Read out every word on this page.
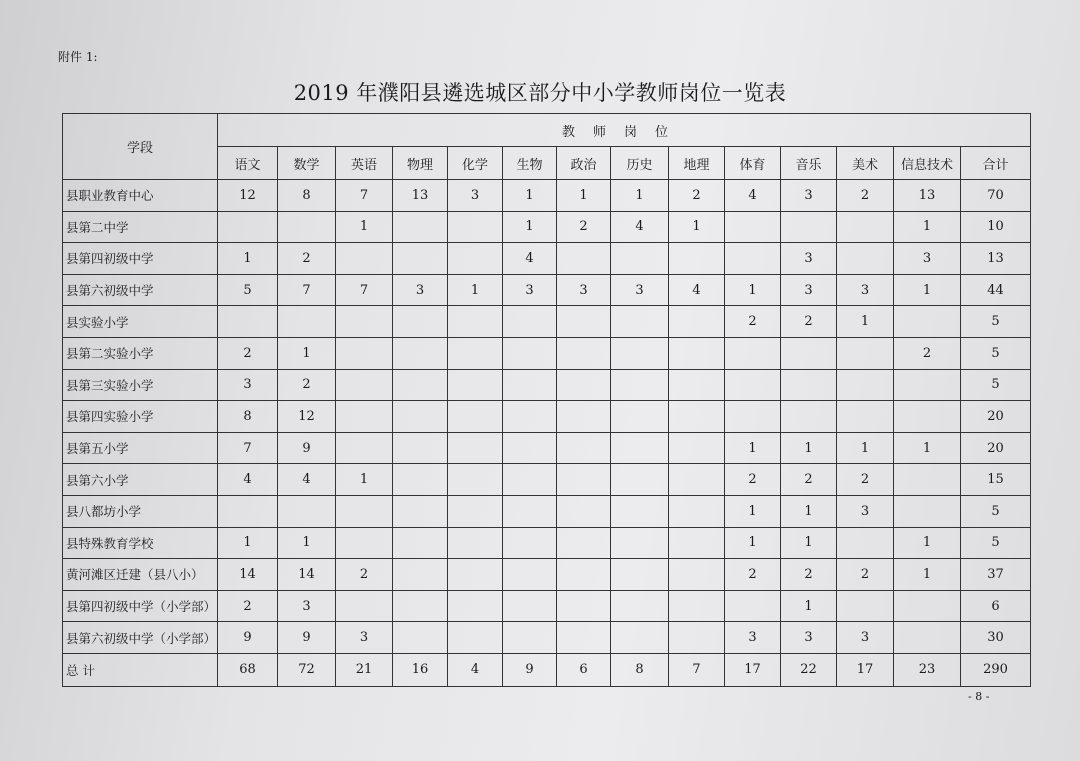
附件 1:
2019 年濮阳县遴选城区部分中小学教师岗位一览表
学段	教师岗位													
	语文	数学	英语	物理	化学	生物	政治	历史	地理	体育	音乐	美术	信息技术	合计
县职业教育中心	12	8	7	13	3	1	1	1	2	4	3	2	13	70
县第二中学			1			1	2	4	1				1	10
县第四初级中学	1	2				4					3		3	13
县第六初级中学	5	7	7	3	1	3	3	3	4	1	3	3	1	44
县实验小学										2	2	1		5
县第二实验小学	2	1											2	5
县第三实验小学	3	2												5
县第四实验小学	8	12												20
县第五小学	7	9								1	1	1	1	20
县第六小学	4	4	1							2	2	2		15
县八都坊小学										1	1	3		5
县特殊教育学校	1	1								1	1		1	5
黄河滩区迁建（县八小）	14	14	2							2	2	2	1	37
县第四初级中学（小学部）	2	3									1			6
县第六初级中学（小学部）	9	9	3							3	3	3		30
总 计	68	72	21	16	4	9	6	8	7	17	22	17	23	290
- 8 -
